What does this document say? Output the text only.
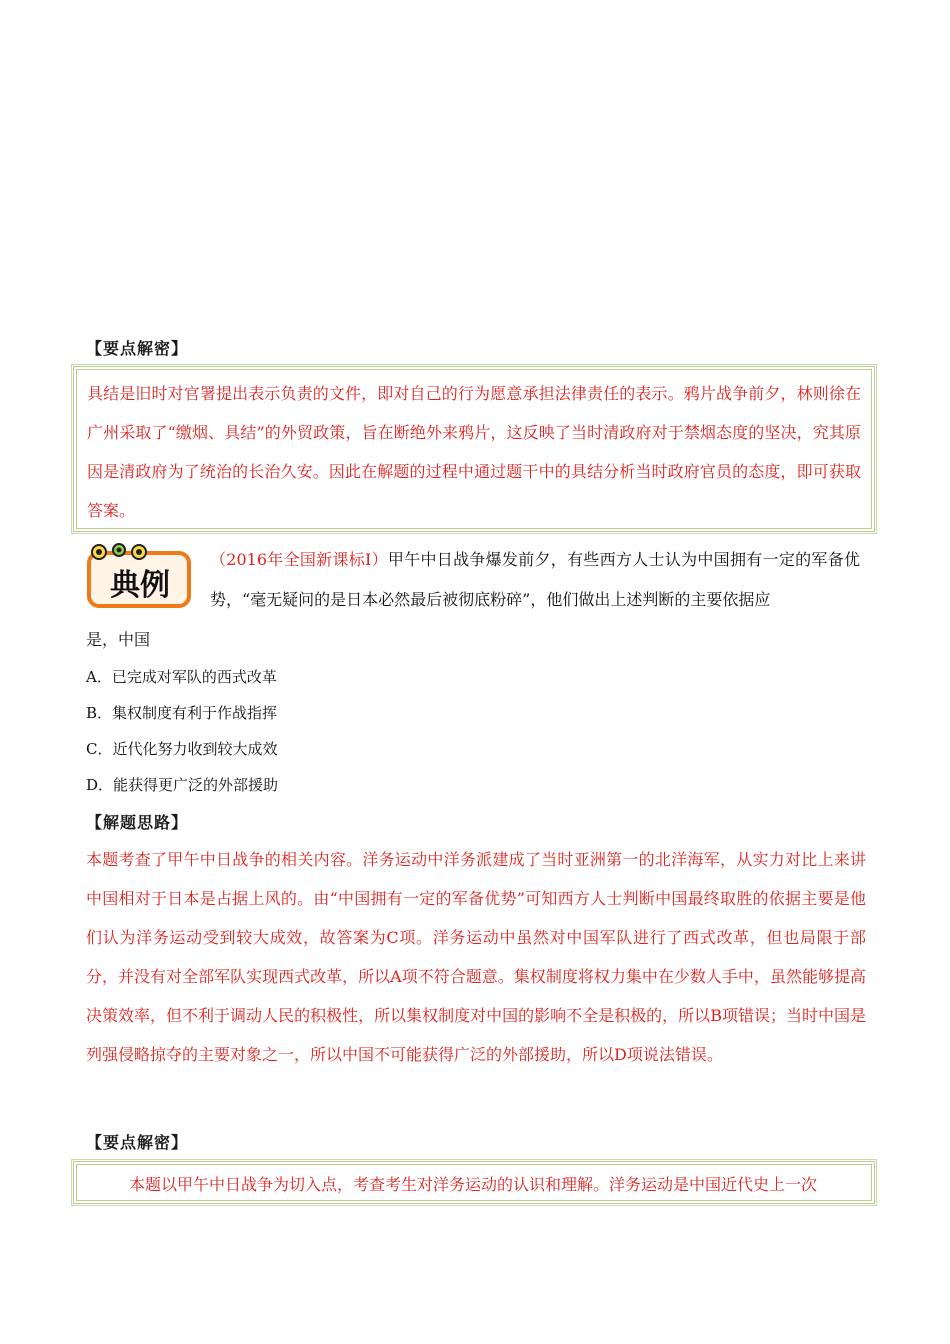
【要点解密】
具结是旧时对官署提出表示负责的文件，即对自己的行为愿意承担法律责任的表示。鸦片战争前夕，林则徐在广州采取了“缴烟、具结”的外贸政策，旨在断绝外来鸦片，这反映了当时清政府对于禁烟态度的坚决，究其原因是清政府为了统治的长治久安。因此在解题的过程中通过题干中的具结分析当时政府官员的态度，即可获取答案。
典例
（2016年全国新课标Ⅰ）甲午中日战争爆发前夕，有些西方人士认为中国拥有一定的军备优势，“毫无疑问的是日本必然最后被彻底粉碎”，他们做出上述判断的主要依据应
是，中国
A．已完成对军队的西式改革
B．集权制度有利于作战指挥
C．近代化努力收到较大成效
D．能获得更广泛的外部援助
【解题思路】
本题考查了甲午中日战争的相关内容。洋务运动中洋务派建成了当时亚洲第一的北洋海军，从实力对比上来讲中国相对于日本是占据上风的。由“中国拥有一定的军备优势”可知西方人士判断中国最终取胜的依据主要是他们认为洋务运动受到较大成效，故答案为C项。洋务运动中虽然对中国军队进行了西式改革，但也局限于部分，并没有对全部军队实现西式改革，所以A项不符合题意。集权制度将权力集中在少数人手中，虽然能够提高决策效率，但不利于调动人民的积极性，所以集权制度对中国的影响不全是积极的，所以B项错误；当时中国是列强侵略掠夺的主要对象之一，所以中国不可能获得广泛的外部援助，所以D项说法错误。
【要点解密】
本题以甲午中日战争为切入点，考查考生对洋务运动的认识和理解。洋务运动是中国近代史上一次
